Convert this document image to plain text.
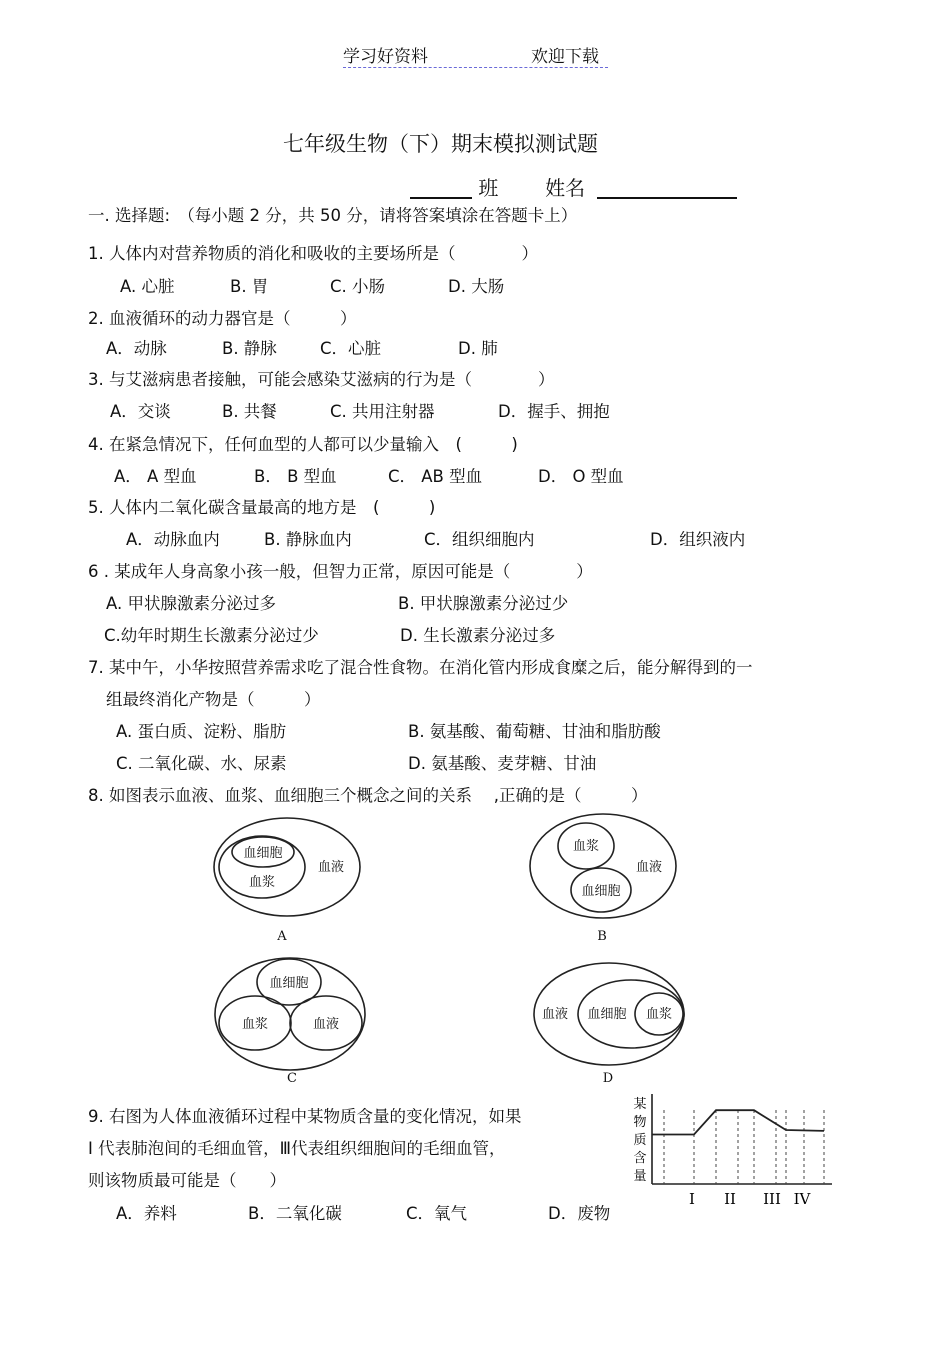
学习好资料	欢迎下载
七年级生物（下）期末模拟测试题
班 姓名
一. 选择题:　（每小题 2 分，共 50 分，请将答案填涂在答题卡上）
1. 人体内对营养物质的消化和吸收的主要场所是（　　　　）
A. 心脏	B. 胃	C. 小肠	D. 大肠
2. 血液循环的动力器官是（　　　）
A．动脉	B. 静脉	C．心脏	D. 肺
3. 与艾滋病患者接触，可能会感染艾滋病的行为是（　　　　）
A．交谈	B. 共餐	C. 共用注射器	D．握手、拥抱
4. 在紧急情况下，任何血型的人都可以少量输入　(　　　)
A． A 型血	B． B 型血	C． AB 型血	D． O 型血
5. 人体内二氧化碳含量最高的地方是　(　　　)
A．动脉血内	B. 静脉血内	C．组织细胞内	D．组织液内
6 . 某成年人身高象小孩一般，但智力正常，原因可能是（　　　　）
A. 甲状腺激素分泌过多	B. 甲状腺激素分泌过少
C.幼年时期生长激素分泌过少	D. 生长激素分泌过多
7. 某中午，小华按照营养需求吃了混合性食物。在消化管内形成食糜之后，能分解得到的一
组最终消化产物是（　　　）
A. 蛋白质、淀粉、脂肪	B. 氨基酸、葡萄糖、甘油和脂肪酸
C. 二氧化碳、水、尿素	D. 氨基酸、麦芽糖、甘油
8. 如图表示血液、血浆、血细胞三个概念之间的关系　 ,正确的是（　　　）
血细胞
血浆
血液
A
血浆
血液
血细胞
B
血细胞
血浆	血液
C
血液 血细胞 血浆
D
9. 右图为人体血液循环过程中某物质含量的变化情况，如果
I 代表肺泡间的毛细血管，Ⅲ代表组织细胞间的毛细血管，
则该物质最可能是（　　）
A．养料	B．二氧化碳	C．氧气	D．废物
某
物
质
含
量
I II III IV
